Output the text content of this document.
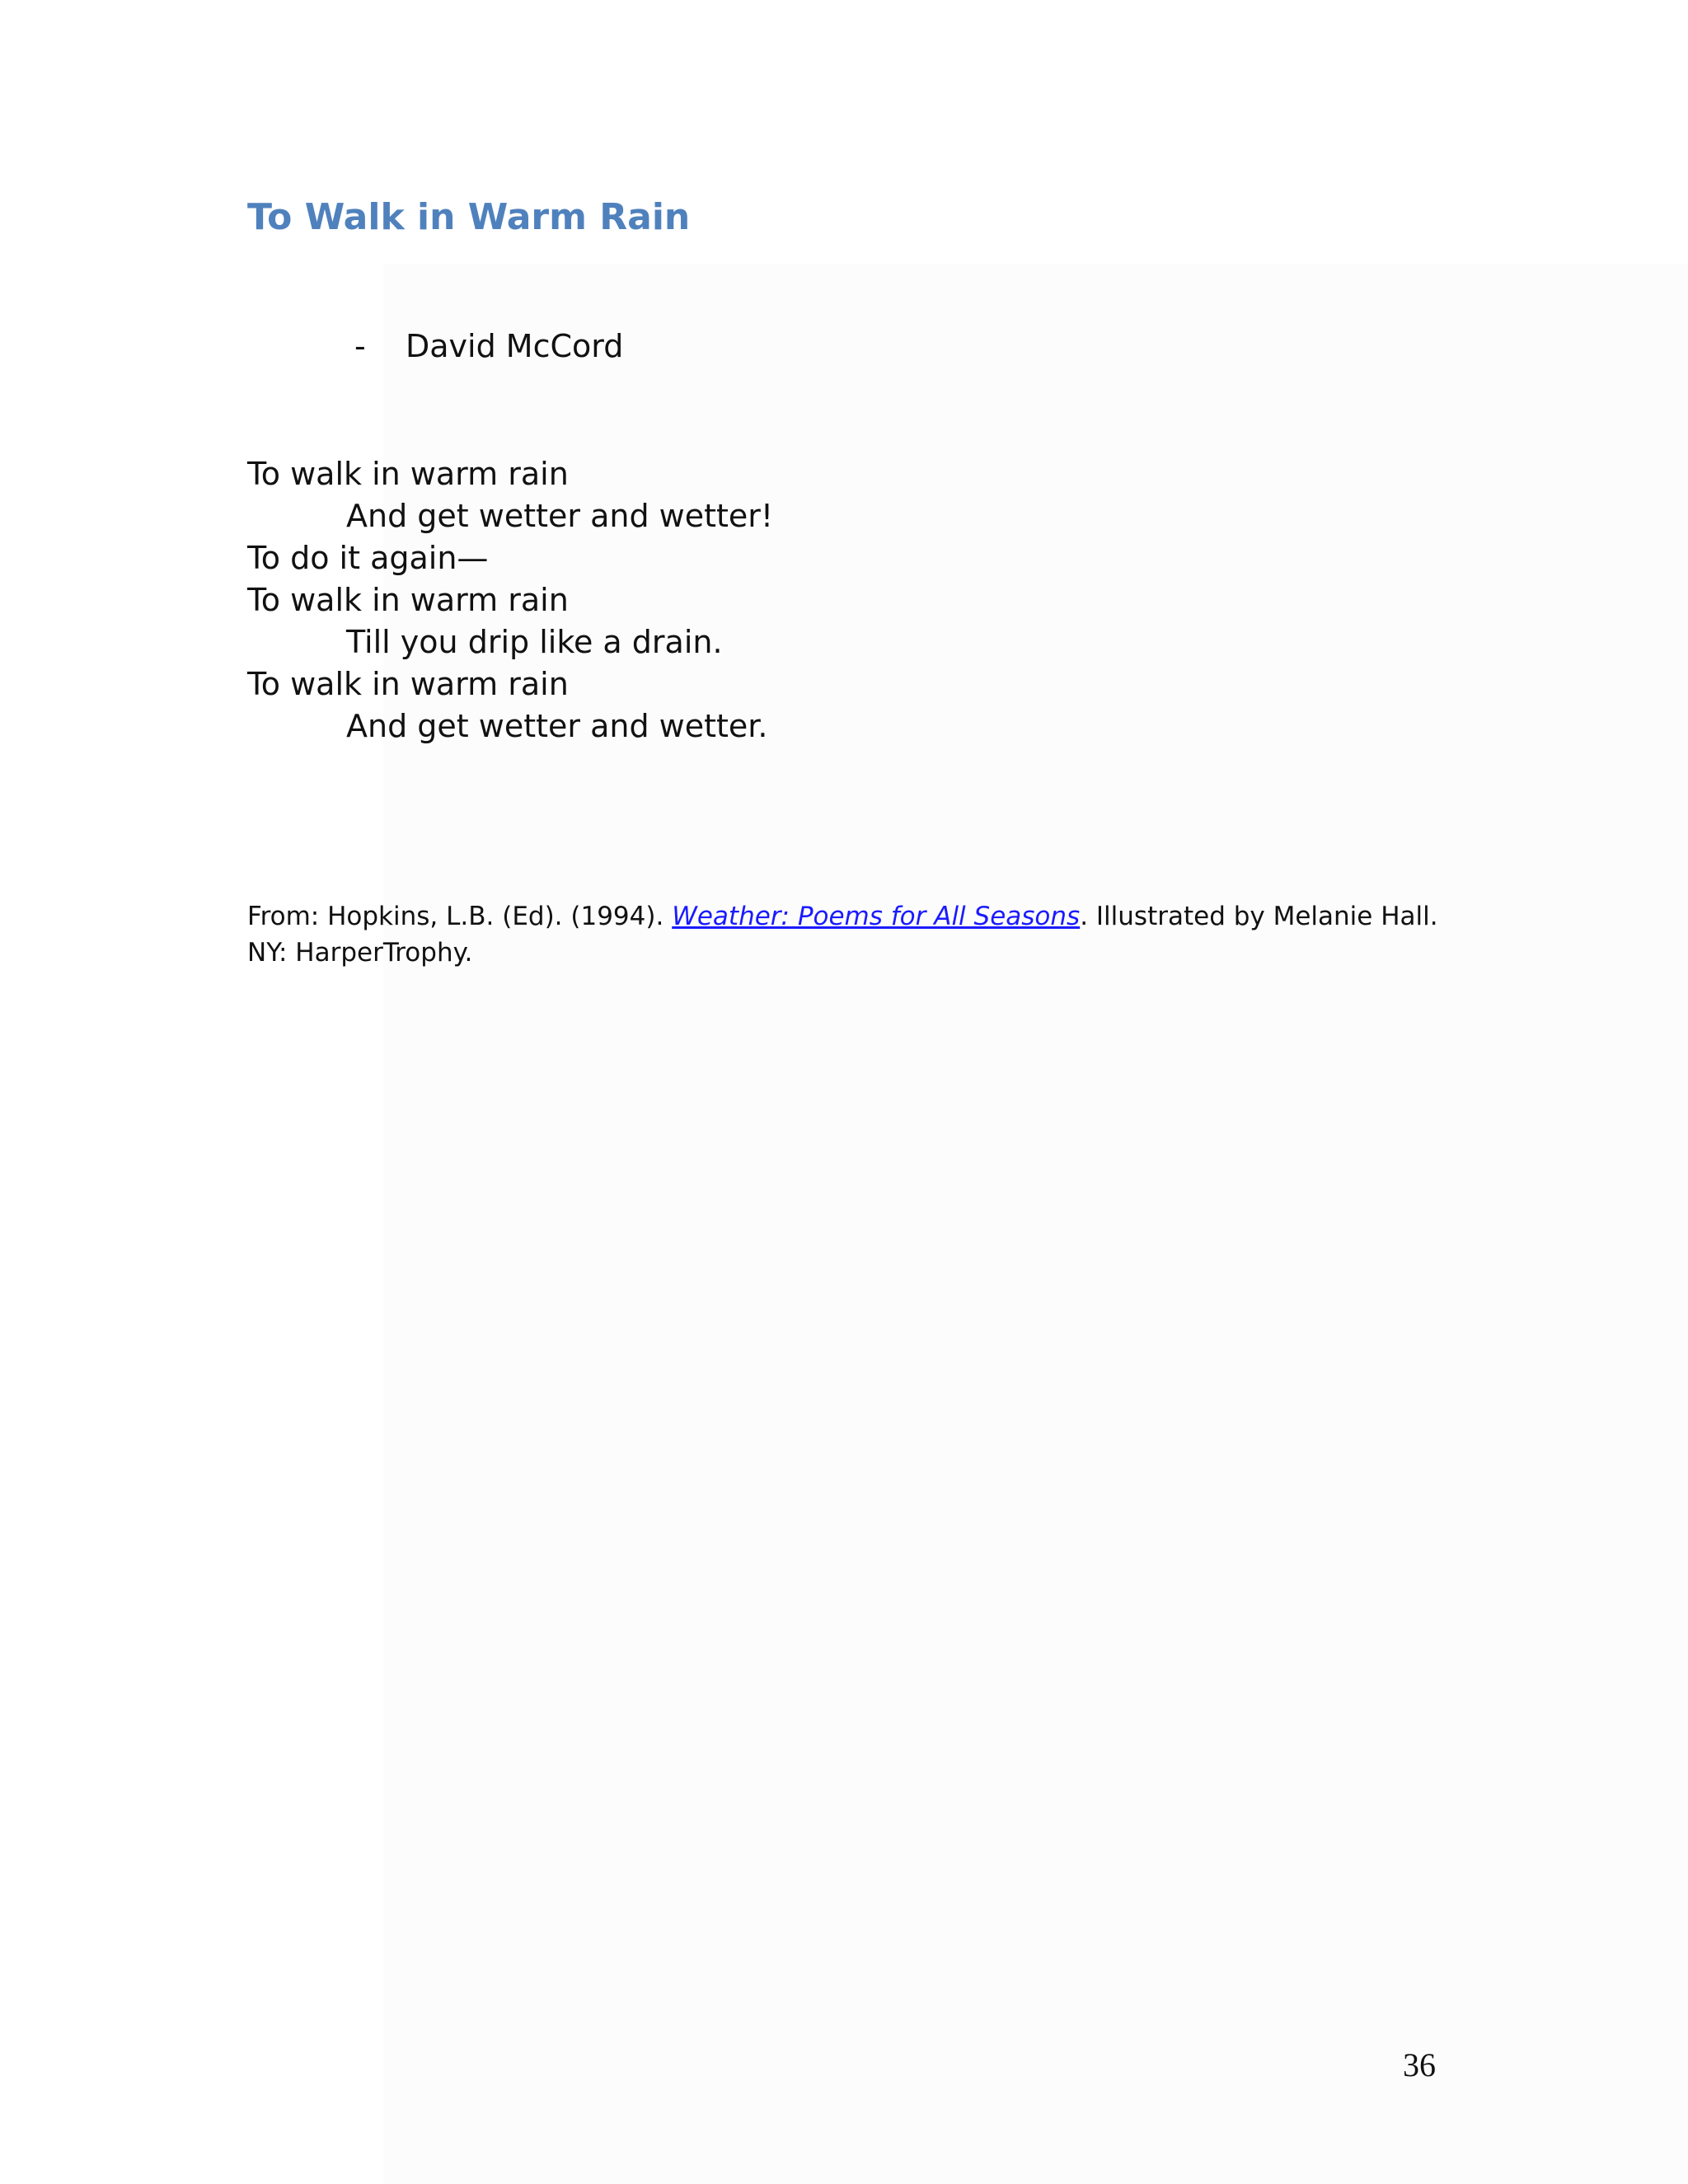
To Walk in Warm Rain
- David McCord
To walk in warm rain
And get wetter and wetter!
To do it again—
To walk in warm rain
Till you drip like a drain.
To walk in warm rain
And get wetter and wetter.
From: Hopkins, L.B. (Ed). (1994). Weather: Poems for All Seasons. Illustrated by Melanie Hall.
NY: HarperTrophy.
36
